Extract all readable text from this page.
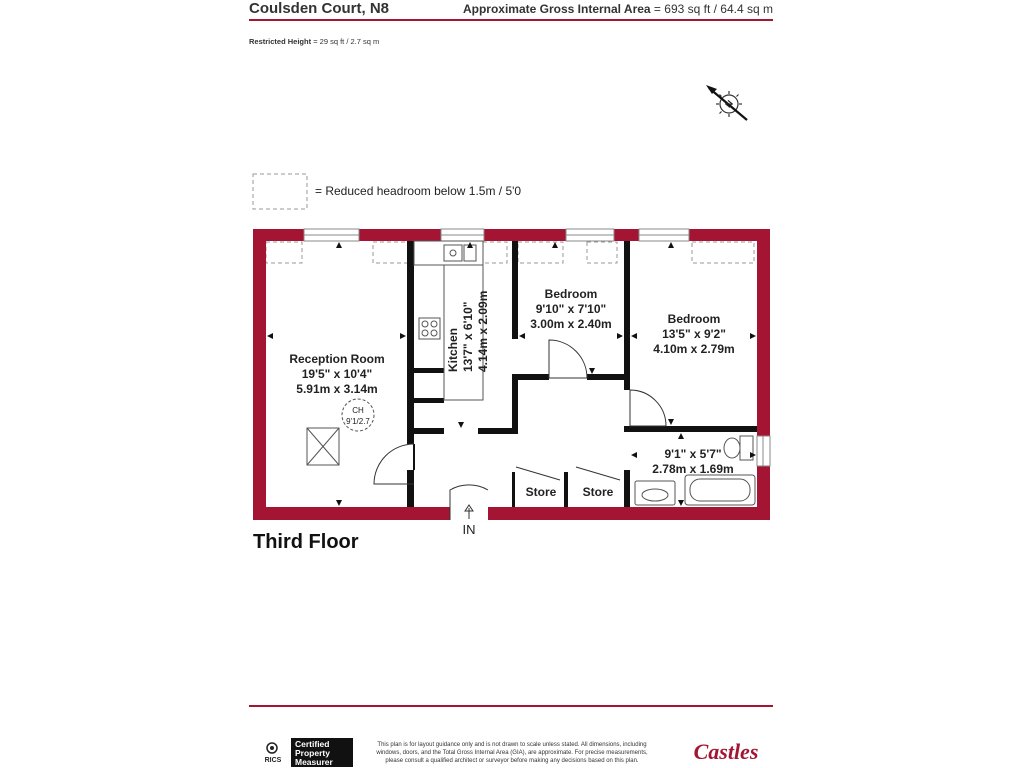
Coulsden Court, N8	Approximate Gross Internal Area = 693 sq ft / 64.4 sq m
Restricted Height = 29 sq ft / 2.7 sq m
N
= Reduced headroom below 1.5m / 5'0
CH
9'1/2.7
Reception Room
19'5" x 10'4"
5.91m x 3.14m
Kitchen 13'7" x 6'10" 4.14m x 2.09m	Bedroom
9'10" x 7'10"
3.00m x 2.40m	Bedroom
13'5" x 9'2"
4.10m x 2.79m
9'1" x 5'7"
2.78m x 1.69m
Store Store
IN
Third Floor
RICS
Certified
Property
Measurer
This plan is for layout guidance only and is not drawn to scale unless stated. All dimensions, including
windows, doors, and the Total Gross Internal Area (GIA), are approximate. For precise measurements,
please consult a qualified architect or surveyor before making any decisions based on this plan.	Castles
